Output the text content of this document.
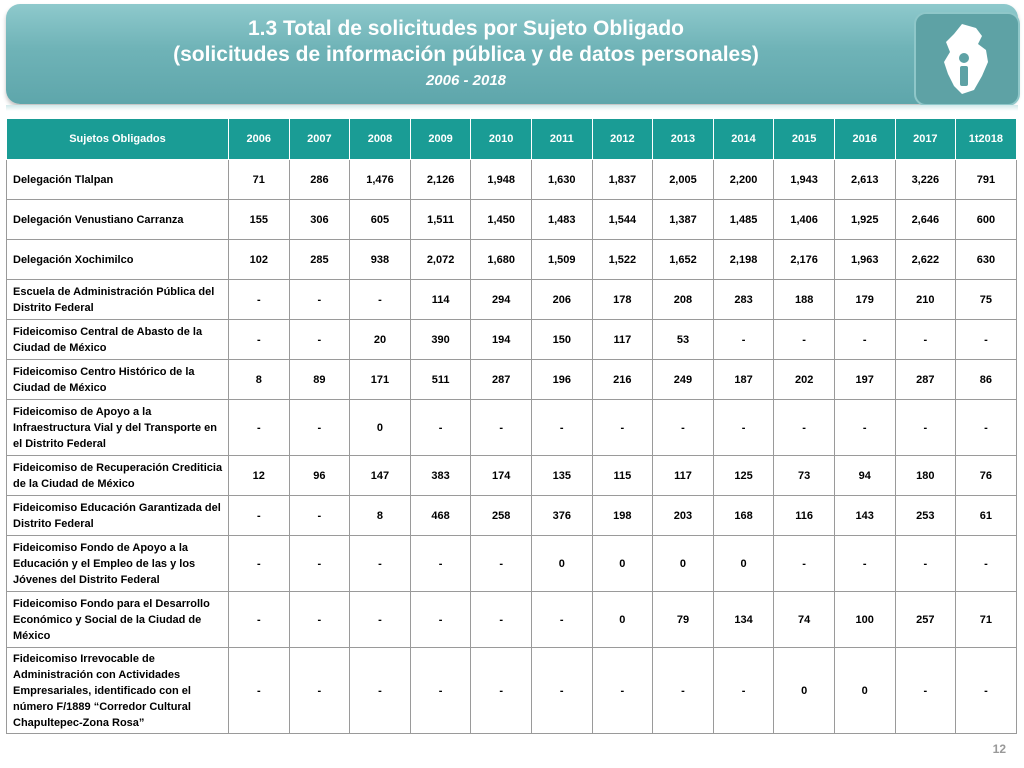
1.3 Total de solicitudes por Sujeto Obligado
(solicitudes de información pública y de datos personales)
2006 - 2018
Sujetos Obligados	2006	2007	2008	2009	2010	2011	2012	2013	2014	2015	2016	2017	1t2018
Delegación Tlalpan	71	286	1,476	2,126	1,948	1,630	1,837	2,005	2,200	1,943	2,613	3,226	791
Delegación Venustiano Carranza	155	306	605	1,511	1,450	1,483	1,544	1,387	1,485	1,406	1,925	2,646	600
Delegación Xochimilco	102	285	938	2,072	1,680	1,509	1,522	1,652	2,198	2,176	1,963	2,622	630
Escuela de Administración Pública del Distrito Federal	-	-	-	114	294	206	178	208	283	188	179	210	75
Fideicomiso Central de Abasto de la Ciudad de México	-	-	20	390	194	150	117	53	-	-	-	-	-
Fideicomiso Centro Histórico de la Ciudad de México	8	89	171	511	287	196	216	249	187	202	197	287	86
Fideicomiso de Apoyo a la Infraestructura Vial y del Transporte en el Distrito Federal	-	-	0	-	-	-	-	-	-	-	-	-	-
Fideicomiso de Recuperación Crediticia de la Ciudad de México	12	96	147	383	174	135	115	117	125	73	94	180	76
Fideicomiso Educación Garantizada del Distrito Federal	-	-	8	468	258	376	198	203	168	116	143	253	61
Fideicomiso Fondo de Apoyo a la Educación y el Empleo de las y los Jóvenes del Distrito Federal	-	-	-	-	-	0	0	0	0	-	-	-	-
Fideicomiso Fondo para el Desarrollo Económico y Social de la Ciudad de México	-	-	-	-	-	-	0	79	134	74	100	257	71
Fideicomiso Irrevocable de Administración con Actividades Empresariales, identificado con el número F/1889 “Corredor Cultural Chapultepec-Zona Rosa”	-	-	-	-	-	-	-	-	-	0	0	-	-
12
